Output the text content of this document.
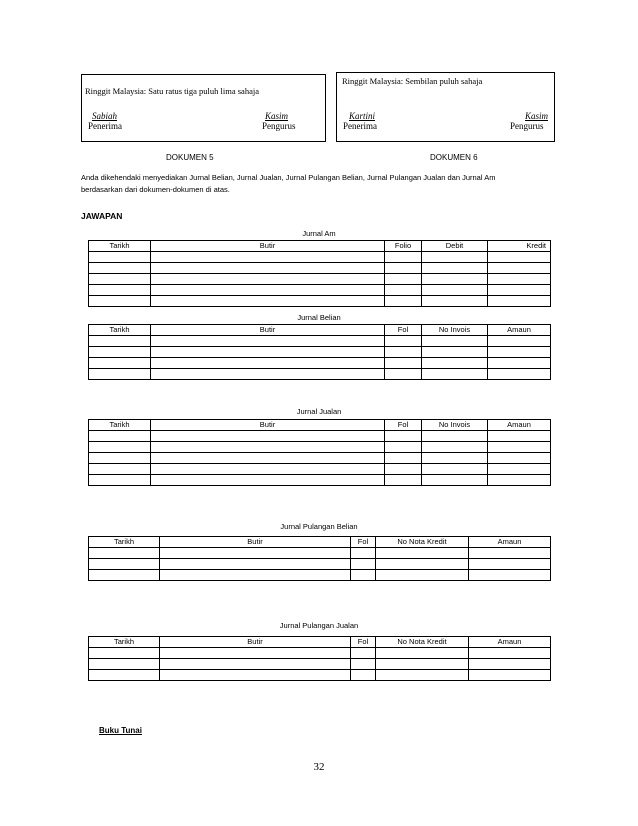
Ringgit Malaysia: Satu ratus tiga puluh lima sahaja
Sabiah
Penerima
Kasim
Pengurus
Ringgit Malaysia: Sembilan puluh sahaja
Kartini
Penerima
Kasim
Pengurus
DOKUMEN 5	DOKUMEN 6
Anda dikehendaki menyediakan Jurnal Belian, Jurnal Jualan, Jurnal Pulangan Belian, Jurnal Pulangan Jualan dan Jurnal Am
berdasarkan dari dokumen-dokumen di atas.
JAWAPAN
Jurnal Am
Tarikh	Butir	Folio	Debit	Kredit

Jurnal Belian
Tarikh	Butir	Fol	No Invois	Amaun

Jurnal Jualan
Tarikh	Butir	Fol	No Invois	Amaun

Jurnal Pulangan Belian
Tarikh	Butir	Fol	No Nota Kredit	Amaun

Jurnal Pulangan Jualan
Tarikh	Butir	Fol	No Nota Kredit	Amaun

Buku Tunai
32
